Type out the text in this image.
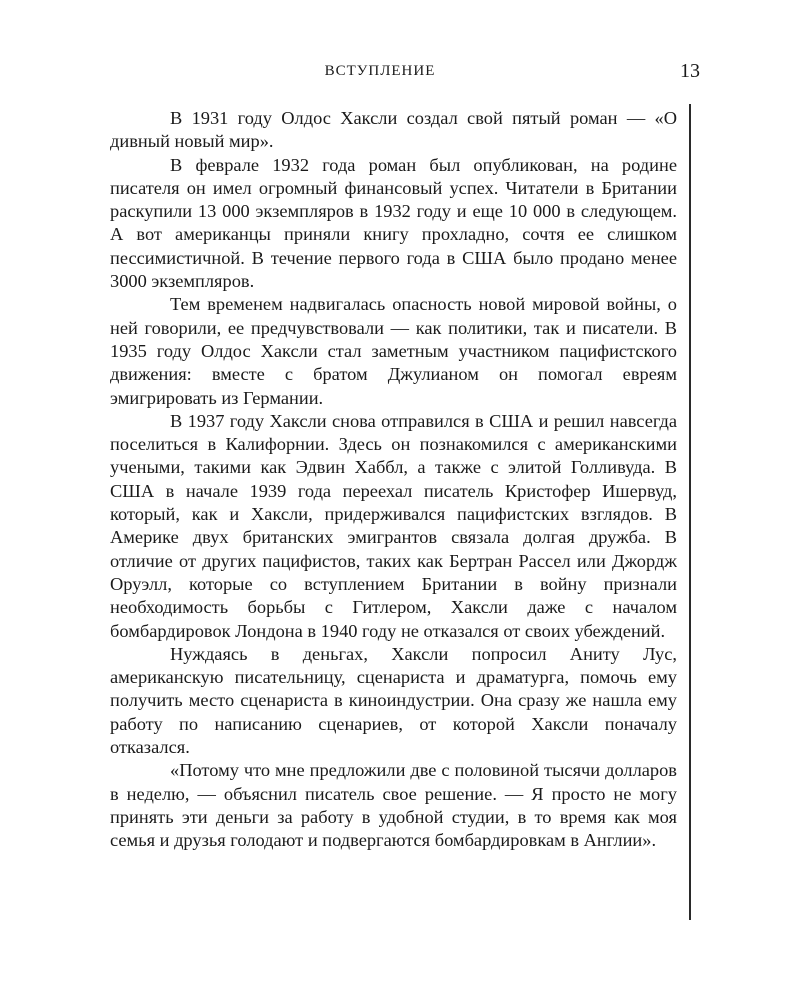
ВСТУПЛЕНИЕ	13

В 1931 году Олдос Хаксли создал свой пятый роман — «О дивный новый мир».

В феврале 1932 года роман был опубликован, на родине писателя он имел огромный финансовый успех. Читатели в Британии раскупили 13 000 экземпляров в 1932 году и еще 10 000 в следующем. А вот американцы приняли книгу прохладно, сочтя ее слишком пессимистичной. В течение первого года в США было продано менее 3000 экземпляров.

Тем временем надвигалась опасность новой мировой войны, о ней говорили, ее предчувствовали — как политики, так и писатели. В 1935 году Олдос Хаксли стал заметным участником пацифистского движения: вместе с братом Джулианом он помогал евреям эмигрировать из Германии.

В 1937 году Хаксли снова отправился в США и решил навсегда поселиться в Калифорнии. Здесь он познакомился с американскими учеными, такими как Эдвин Хаббл, а также с элитой Голливуда. В США в начале 1939 года переехал писатель Кристофер Ишервуд, который, как и Хаксли, придерживался пацифистских взглядов. В Америке двух британских эмигрантов связала долгая дружба. В отличие от других пацифистов, таких как Бертран Рассел или Джордж Оруэлл, которые со вступлением Британии в войну признали необходимость борьбы с Гитлером, Хаксли даже с началом бомбардировок Лондона в 1940 году не отказался от своих убеждений.

Нуждаясь в деньгах, Хаксли попросил Аниту Лус, американскую писательницу, сценариста и драматурга, помочь ему получить место сценариста в киноиндустрии. Она сразу же нашла ему работу по написанию сценариев, от которой Хаксли поначалу отказался.

«Потому что мне предложили две с половиной тысячи долларов в неделю, — объяснил писатель свое решение. — Я просто не могу принять эти деньги за работу в удобной студии, в то время как моя семья и друзья голодают и подвергаются бомбардировкам в Англии».
